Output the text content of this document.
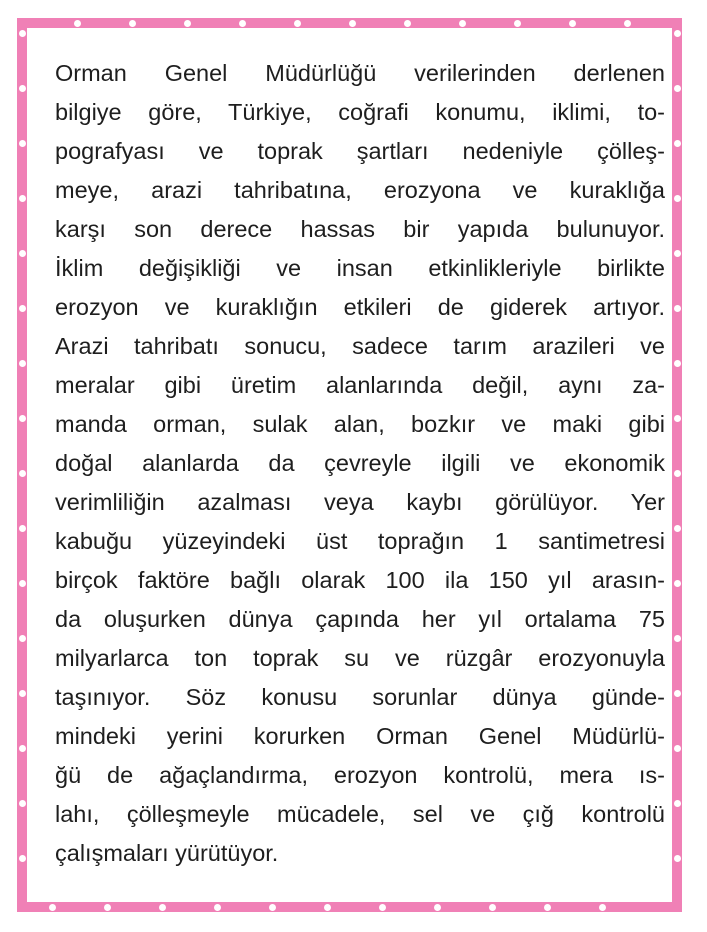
Orman Genel Müdürlüğü verilerinden derlenen
bilgiye göre, Türkiye, coğrafi konumu, iklimi, to-
pografyası ve toprak şartları nedeniyle çölleş-
meye, arazi tahribatına, erozyona ve kuraklığa
karşı son derece hassas bir yapıda bulunuyor.
İklim değişikliği ve insan etkinlikleriyle birlikte
erozyon ve kuraklığın etkileri de giderek artıyor.
Arazi tahribatı sonucu, sadece tarım arazileri ve
meralar gibi üretim alanlarında değil, aynı za-
manda orman, sulak alan, bozkır ve maki gibi
doğal alanlarda da çevreyle ilgili ve ekonomik
verimliliğin azalması veya kaybı görülüyor. Yer
kabuğu yüzeyindeki üst toprağın 1 santimetresi
birçok faktöre bağlı olarak 100 ila 150 yıl arasın-
da oluşurken dünya çapında her yıl ortalama 75
milyarlarca ton toprak su ve rüzgâr erozyonuyla
taşınıyor. Söz konusu sorunlar dünya günde-
mindeki yerini korurken Orman Genel Müdürlü-
ğü de ağaçlandırma, erozyon kontrolü, mera ıs-
lahı, çölleşmeyle mücadele, sel ve çığ kontrolü
çalışmaları yürütüyor.
